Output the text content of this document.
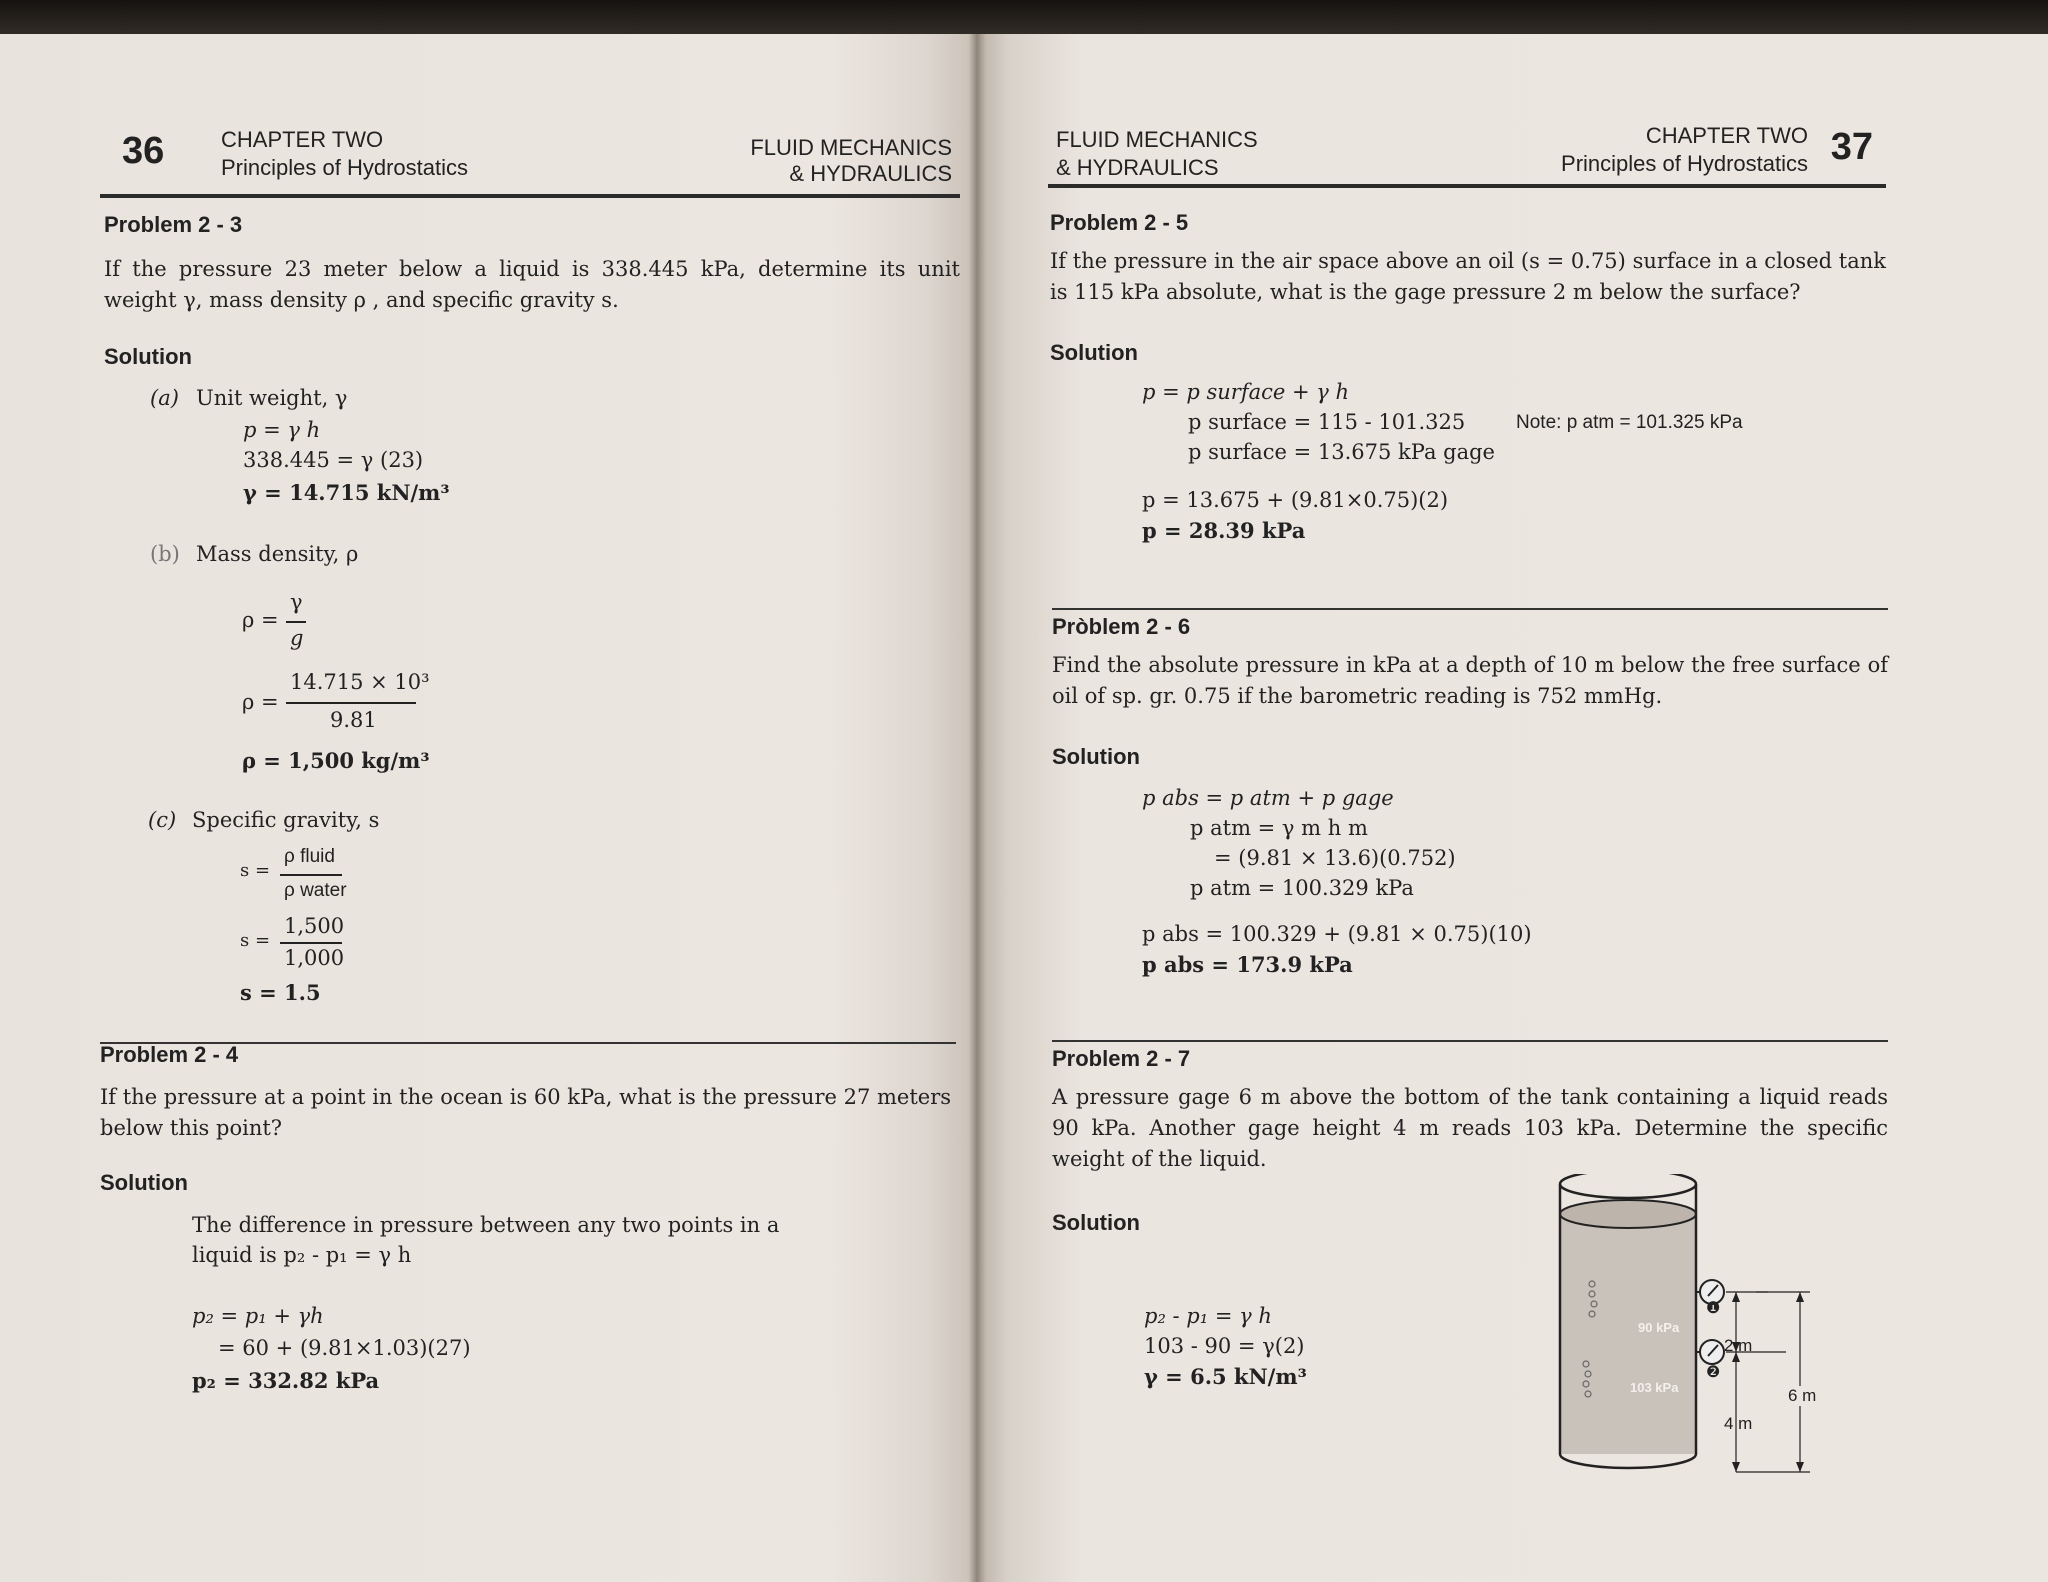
36	CHAPTER TWO
Principles of Hydrostatics
FLUID MECHANICS
& HYDRAULICS
Problem 2 - 3
If the pressure 23 meter below a liquid is 338.445 kPa, determine its unit weight γ, mass density ρ , and specific gravity s.
Solution
(a) Unit weight, γ
p = γ h
338.445 = γ (23)
γ = 14.715 kN/m³
(b) Mass density, ρ
ρ =
γ
g
ρ =
14.715 × 10³
9.81
ρ = 1,500 kg/m³
(c) Specific gravity, s
s =
ρ fluid
ρ water
s =
1,500
1,000
s = 1.5
Problem 2 - 4
If the pressure at a point in the ocean is 60 kPa, what is the pressure 27 meters below this point?
Solution
The difference in pressure between any two points in a
liquid is p₂ - p₁ = γ h
p₂ = p₁ + γh
= 60 + (9.81×1.03)(27)
p₂ = 332.82 kPa
FLUID MECHANICS
& HYDRAULICS
CHAPTER TWO
Principles of Hydrostatics 37
Problem 2 - 5
If the pressure in the air space above an oil (s = 0.75) surface in a closed tank is 115 kPa absolute, what is the gage pressure 2 m below the surface?
Solution
p = p surface + γ h
p surface = 115 - 101.325	Note: p atm = 101.325 kPa
p surface = 13.675 kPa gage
p = 13.675 + (9.81×0.75)(2)
p = 28.39 kPa
Pròblem 2 - 6
Find the absolute pressure in kPa at a depth of 10 m below the free surface of oil of sp. gr. 0.75 if the barometric reading is 752 mmHg.
Solution
p abs = p atm + p gage
p atm = γ m h m
= (9.81 × 13.6)(0.752)
p atm = 100.329 kPa
p abs = 100.329 + (9.81 × 0.75)(10)
p abs = 173.9 kPa
Problem 2 - 7
A pressure gage 6 m above the bottom of the tank containing a liquid reads 90 kPa. Another gage height 4 m reads 103 kPa. Determine the specific weight of the liquid.
Solution
p₂ - p₁ = γ h
103 - 90 = γ(2)
γ = 6.5 kN/m³
90 kPa
103 kPa
❶
❷
2 m
4 m
6 m
